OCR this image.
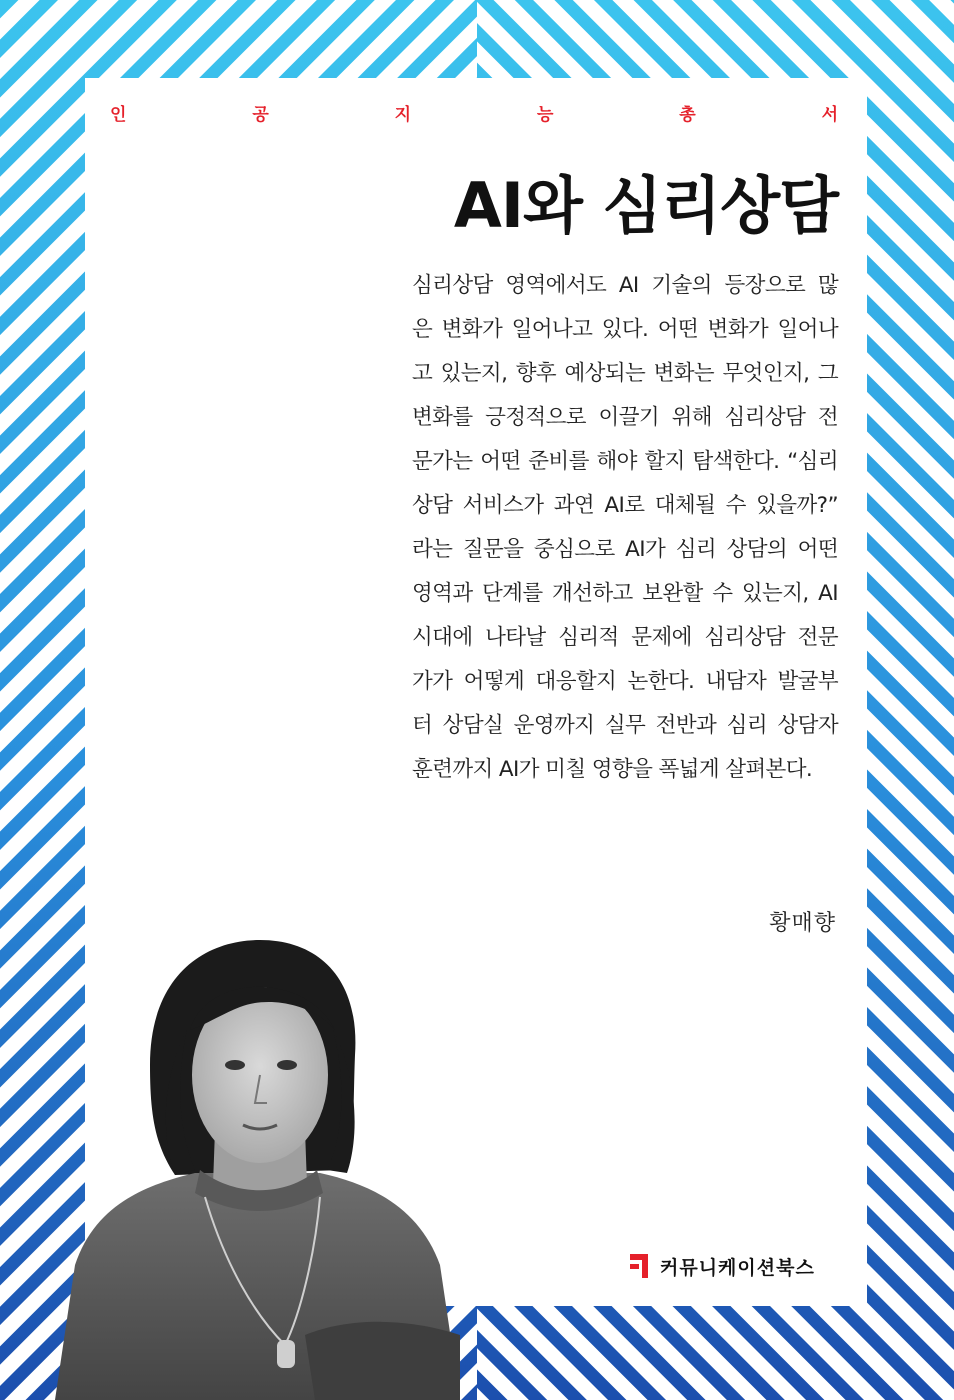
인	공	지	능	총	서
AI와 심리상담
심리상담 영역에서도 AI 기술의 등장으로 많
은 변화가 일어나고 있다. 어떤 변화가 일어나
고 있는지, 향후 예상되는 변화는 무엇인지, 그
변화를 긍정적으로 이끌기 위해 심리상담 전
문가는 어떤 준비를 해야 할지 탐색한다. “심리
상담 서비스가 과연 AI로 대체될 수 있을까?”
라는 질문을 중심으로 AI가 심리 상담의 어떤
영역과 단계를 개선하고 보완할 수 있는지, AI
시대에 나타날 심리적 문제에 심리상담 전문
가가 어떻게 대응할지 논한다. 내담자 발굴부
터 상담실 운영까지 실무 전반과 심리 상담자
훈련까지 AI가 미칠 영향을 폭넓게 살펴본다.
황매향
커뮤니케이션북스
